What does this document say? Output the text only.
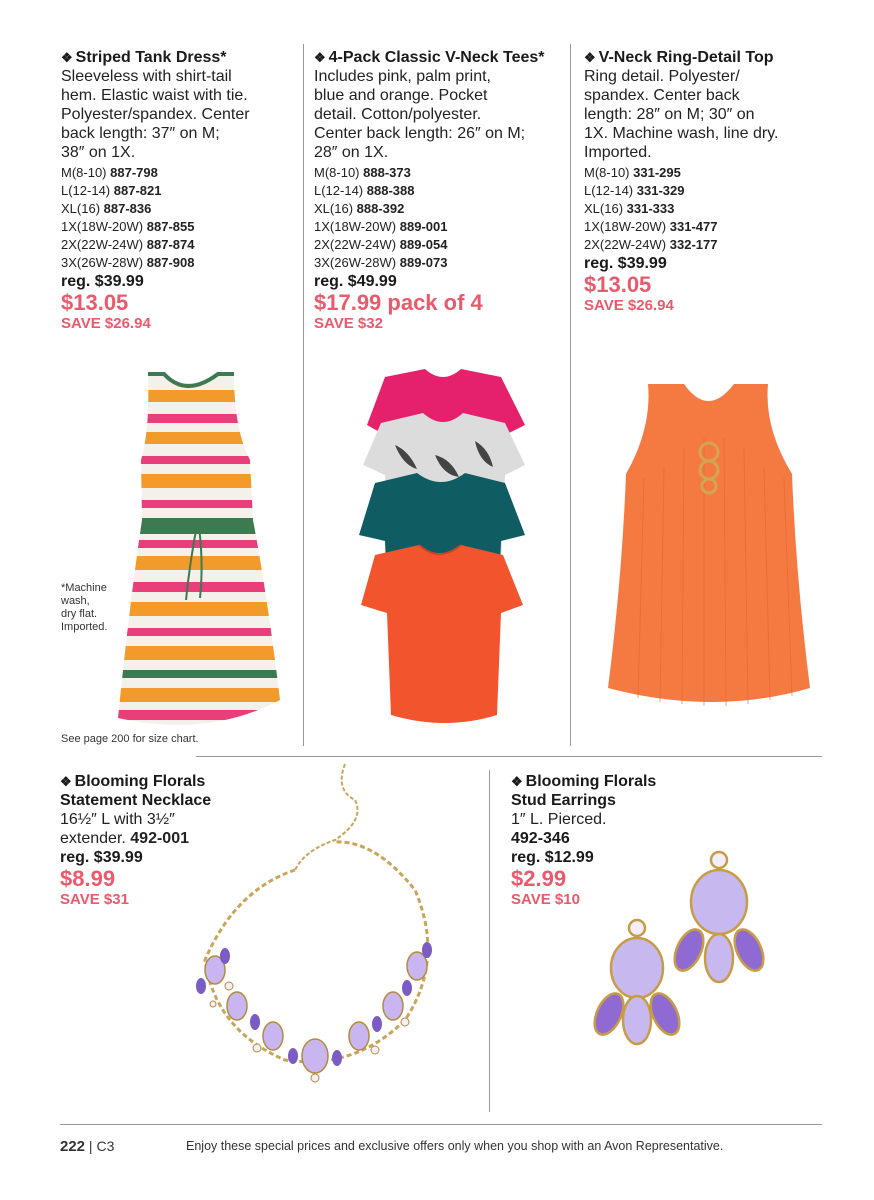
❖ Striped Tank Dress*
Sleeveless with shirt-tail
hem. Elastic waist with tie.
Polyester/spandex. Center
back length: 37″ on M;
38″ on 1X.
M(8-10) 887-798
L(12-14) 887-821
XL(16) 887-836
1X(18W-20W) 887-855
2X(22W-24W) 887-874
3X(26W-28W) 887-908
reg. $39.99
$13.05
SAVE $26.94
❖ 4-Pack Classic V-Neck Tees*
Includes pink, palm print,
blue and orange. Pocket
detail. Cotton/polyester.
Center back length: 26″ on M;
28″ on 1X.
M(8-10) 888-373
L(12-14) 888-388
XL(16) 888-392
1X(18W-20W) 889-001
2X(22W-24W) 889-054
3X(26W-28W) 889-073
reg. $49.99
$17.99 pack of 4
SAVE $32
❖ V-Neck Ring-Detail Top
Ring detail. Polyester/
spandex. Center back
length: 28″ on M; 30″ on
1X. Machine wash, line dry.
Imported.
M(8-10) 331-295
L(12-14) 331-329
XL(16) 331-333
1X(18W-20W) 331-477
2X(22W-24W) 332-177
reg. $39.99
$13.05
SAVE $26.94
*Machine
wash,
dry flat.
Imported.
See page 200 for size chart.
❖ Blooming Florals
Statement Necklace
16½″ L with 3½″
extender. 492-001
reg. $39.99
$8.99
SAVE $31
❖ Blooming Florals
Stud Earrings
1″ L. Pierced.
492-346
reg. $12.99
$2.99
SAVE $10
222 | C3	Enjoy these special prices and exclusive offers only when you shop with an Avon Representative.
